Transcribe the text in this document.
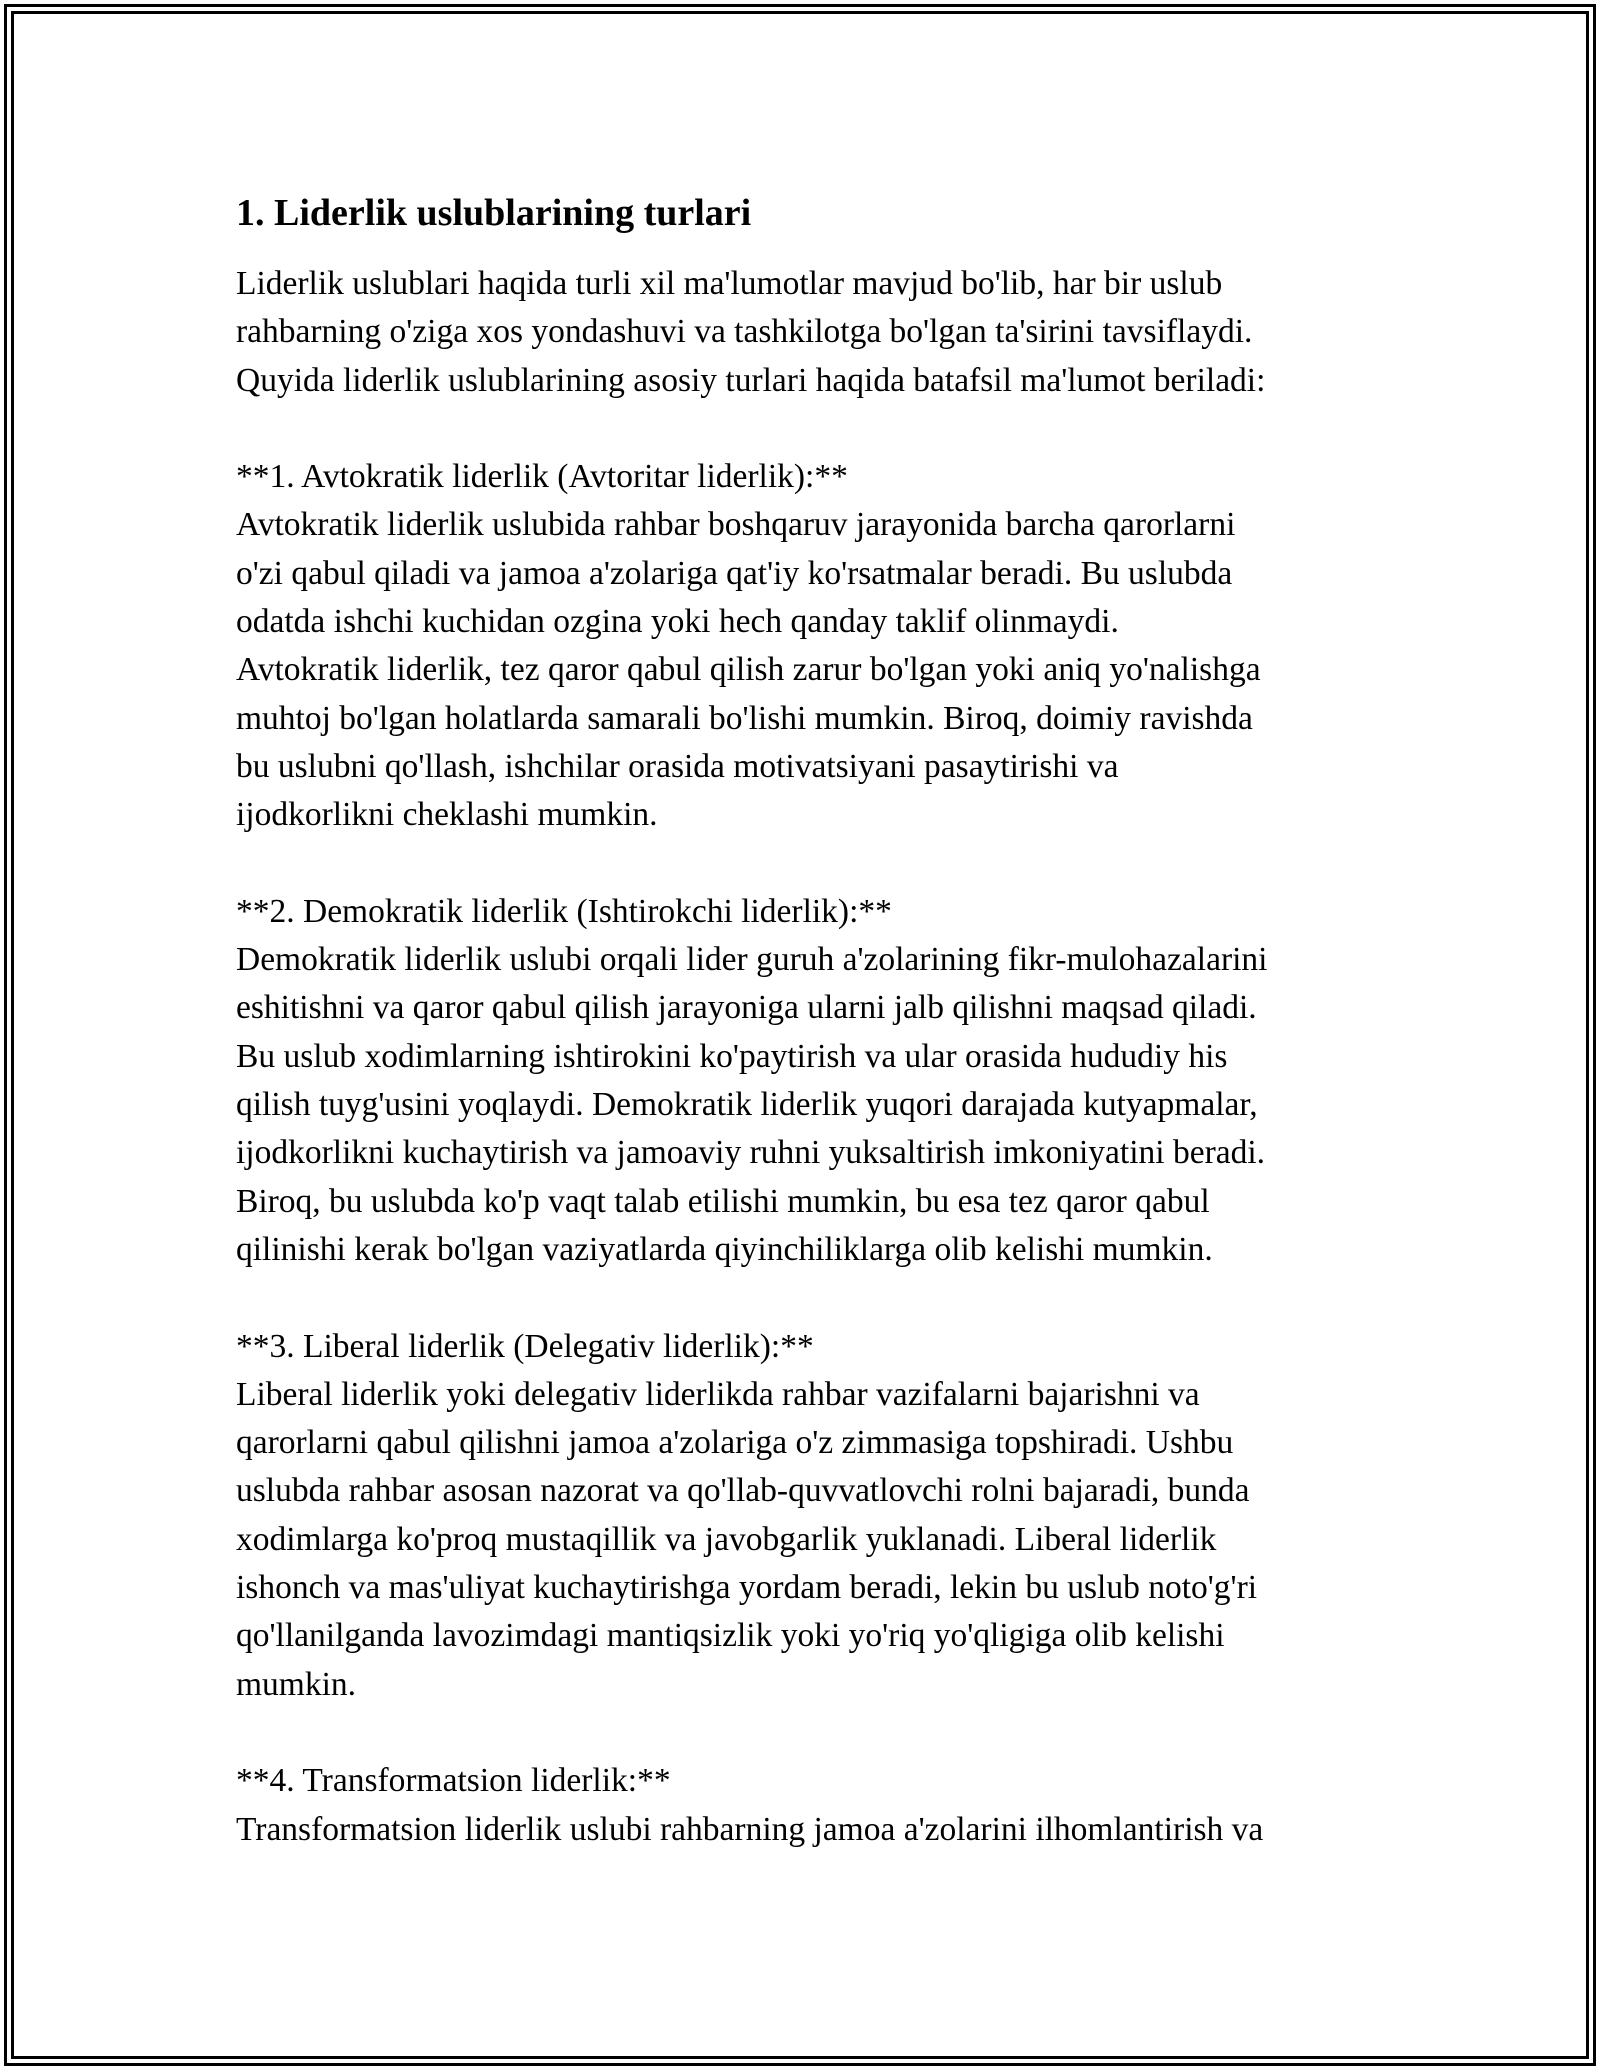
1. Liderlik uslublarining turlari
Liderlik uslublari haqida turli xil ma'lumotlar mavjud bo'lib, har bir uslub
rahbarning o'ziga xos yondashuvi va tashkilotga bo'lgan ta'sirini tavsiflaydi.
Quyida liderlik uslublarining asosiy turlari haqida batafsil ma'lumot beriladi:
**1. Avtokratik liderlik (Avtoritar liderlik):**
Avtokratik liderlik uslubida rahbar boshqaruv jarayonida barcha qarorlarni
o'zi qabul qiladi va jamoa a'zolariga qat'iy ko'rsatmalar beradi. Bu uslubda
odatda ishchi kuchidan ozgina yoki hech qanday taklif olinmaydi.
Avtokratik liderlik, tez qaror qabul qilish zarur bo'lgan yoki aniq yo'nalishga
muhtoj bo'lgan holatlarda samarali bo'lishi mumkin. Biroq, doimiy ravishda
bu uslubni qo'llash, ishchilar orasida motivatsiyani pasaytirishi va
ijodkorlikni cheklashi mumkin.
**2. Demokratik liderlik (Ishtirokchi liderlik):**
Demokratik liderlik uslubi orqali lider guruh a'zolarining fikr-mulohazalarini
eshitishni va qaror qabul qilish jarayoniga ularni jalb qilishni maqsad qiladi.
Bu uslub xodimlarning ishtirokini ko'paytirish va ular orasida hududiy his
qilish tuyg'usini yoqlaydi. Demokratik liderlik yuqori darajada kutyapmalar,
ijodkorlikni kuchaytirish va jamoaviy ruhni yuksaltirish imkoniyatini beradi.
Biroq, bu uslubda ko'p vaqt talab etilishi mumkin, bu esa tez qaror qabul
qilinishi kerak bo'lgan vaziyatlarda qiyinchiliklarga olib kelishi mumkin.
**3. Liberal liderlik (Delegativ liderlik):**
Liberal liderlik yoki delegativ liderlikda rahbar vazifalarni bajarishni va
qarorlarni qabul qilishni jamoa a'zolariga o'z zimmasiga topshiradi. Ushbu
uslubda rahbar asosan nazorat va qo'llab-quvvatlovchi rolni bajaradi, bunda
xodimlarga ko'proq mustaqillik va javobgarlik yuklanadi. Liberal liderlik
ishonch va mas'uliyat kuchaytirishga yordam beradi, lekin bu uslub noto'g'ri
qo'llanilganda lavozimdagi mantiqsizlik yoki yo'riq yo'qligiga olib kelishi
mumkin.
**4. Transformatsion liderlik:**
Transformatsion liderlik uslubi rahbarning jamoa a'zolarini ilhomlantirish va
